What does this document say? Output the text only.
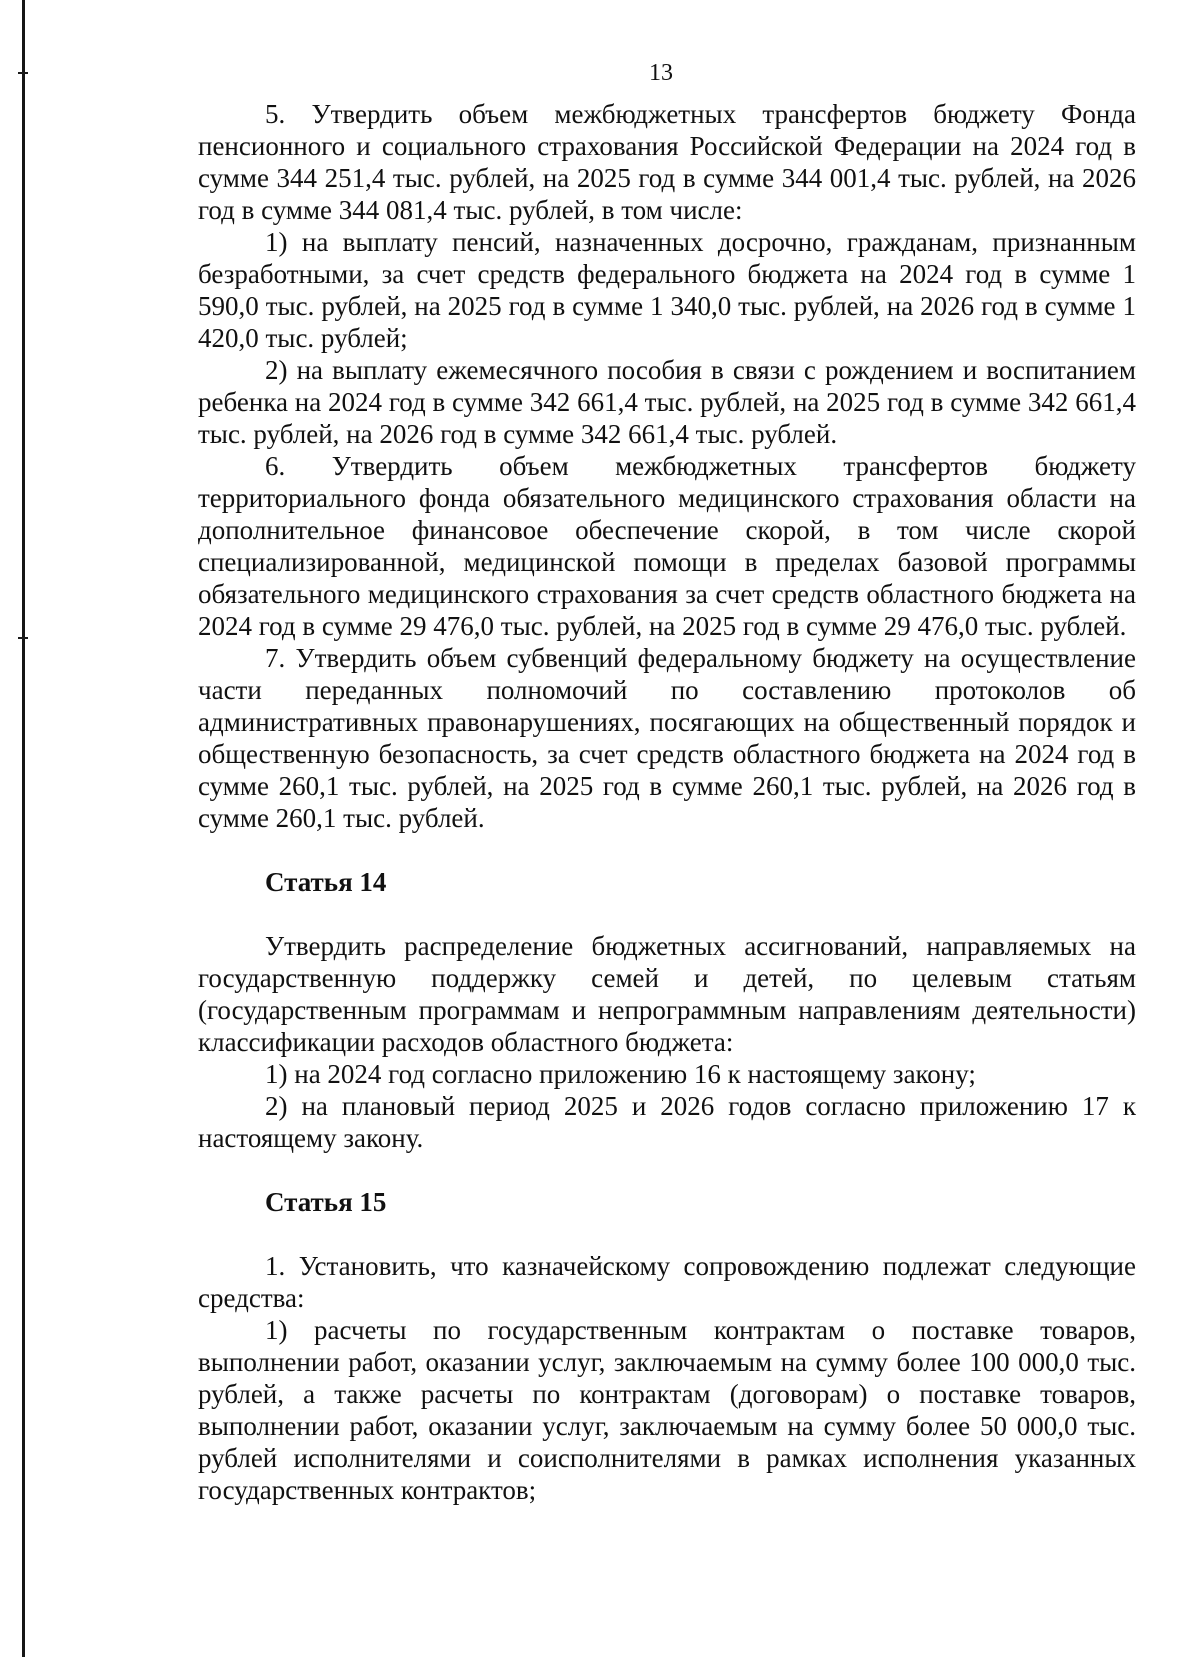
13

5. Утвердить объем межбюджетных трансфертов бюджету Фонда пенсионного и социального страхования Российской Федерации на 2024 год в сумме 344 251,4 тыс. рублей, на 2025 год в сумме 344 001,4 тыс. рублей, на 2026 год в сумме 344 081,4 тыс. рублей, в том числе:

1) на выплату пенсий, назначенных досрочно, гражданам, признанным безработными, за счет средств федерального бюджета на 2024 год в сумме 1 590,0 тыс. рублей, на 2025 год в сумме 1 340,0 тыс. рублей, на 2026 год в сумме 1 420,0 тыс. рублей;

2) на выплату ежемесячного пособия в связи с рождением и воспитанием ребенка на 2024 год в сумме 342 661,4 тыс. рублей, на 2025 год в сумме 342 661,4 тыс. рублей, на 2026 год в сумме 342 661,4 тыс. рублей.

6. Утвердить объем межбюджетных трансфертов бюджету территориального фонда обязательного медицинского страхования области на дополнительное финансовое обеспечение скорой, в том числе скорой специализированной, медицинской помощи в пределах базовой программы обязательного медицинского страхования за счет средств областного бюджета на 2024 год в сумме 29 476,0 тыс. рублей, на 2025 год в сумме 29 476,0 тыс. рублей.

7. Утвердить объем субвенций федеральному бюджету на осуществление части переданных полномочий по составлению протоколов об административных правонарушениях, посягающих на общественный порядок и общественную безопасность, за счет средств областного бюджета на 2024 год в сумме 260,1 тыс. рублей, на 2025 год в сумме 260,1 тыс. рублей, на 2026 год в сумме 260,1 тыс. рублей.

Статья 14

Утвердить распределение бюджетных ассигнований, направляемых на государственную поддержку семей и детей, по целевым статьям (государственным программам и непрограммным направлениям деятельности) классификации расходов областного бюджета:

1) на 2024 год согласно приложению 16 к настоящему закону;

2) на плановый период 2025 и 2026 годов согласно приложению 17 к настоящему закону.

Статья 15

1. Установить, что казначейскому сопровождению подлежат следующие средства:

1) расчеты по государственным контрактам о поставке товаров, выполнении работ, оказании услуг, заключаемым на сумму более 100 000,0 тыс. рублей, а также расчеты по контрактам (договорам) о поставке товаров, выполнении работ, оказании услуг, заключаемым на сумму более 50 000,0 тыс. рублей исполнителями и соисполнителями в рамках исполнения указанных государственных контрактов;
